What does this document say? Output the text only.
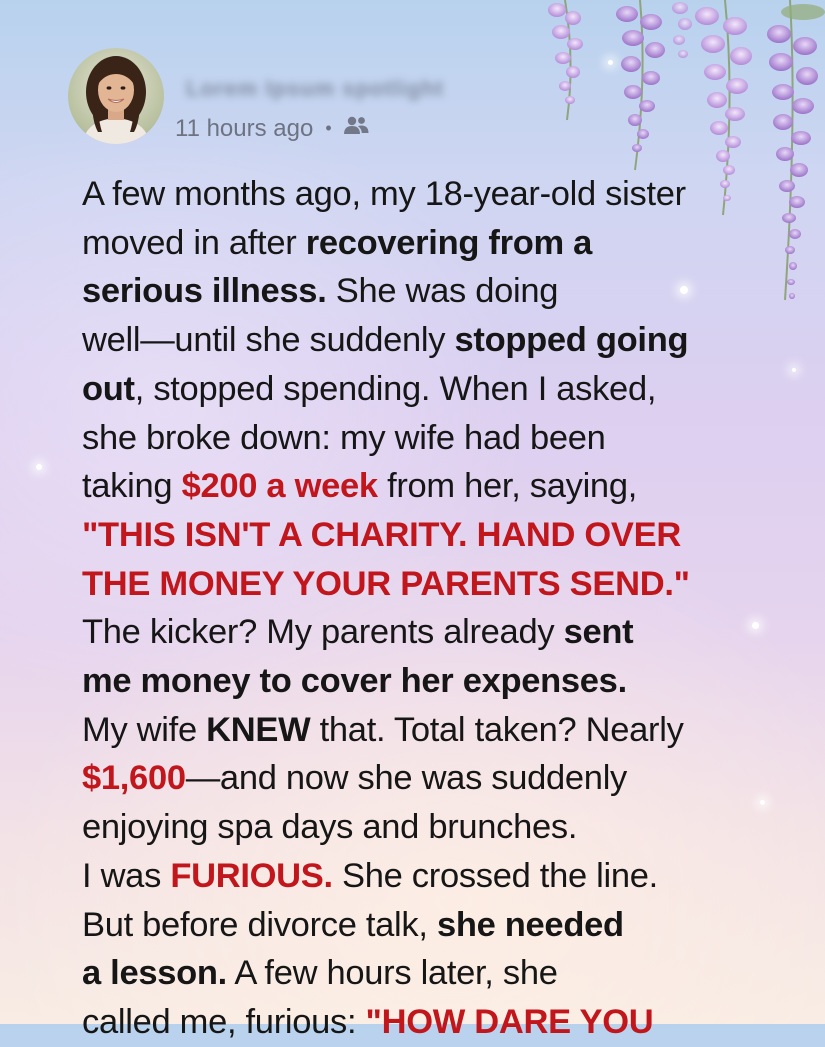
Lorem Ipsum spotlight
11 hours ago •
A few months ago, my 18-year-old sister
moved in after recovering from a
serious illness. She was doing
well—until she suddenly stopped going
out, stopped spending. When I asked,
she broke down: my wife had been
taking $200 a week from her, saying,
"THIS ISN'T A CHARITY. HAND OVER
THE MONEY YOUR PARENTS SEND."
The kicker? My parents already sent
me money to cover her expenses.
My wife KNEW that. Total taken? Nearly
$1,600—and now she was suddenly
enjoying spa days and brunches.
I was FURIOUS. She crossed the line.
But before divorce talk, she needed
a lesson. A few hours later, she
called me, furious: "HOW DARE YOU
